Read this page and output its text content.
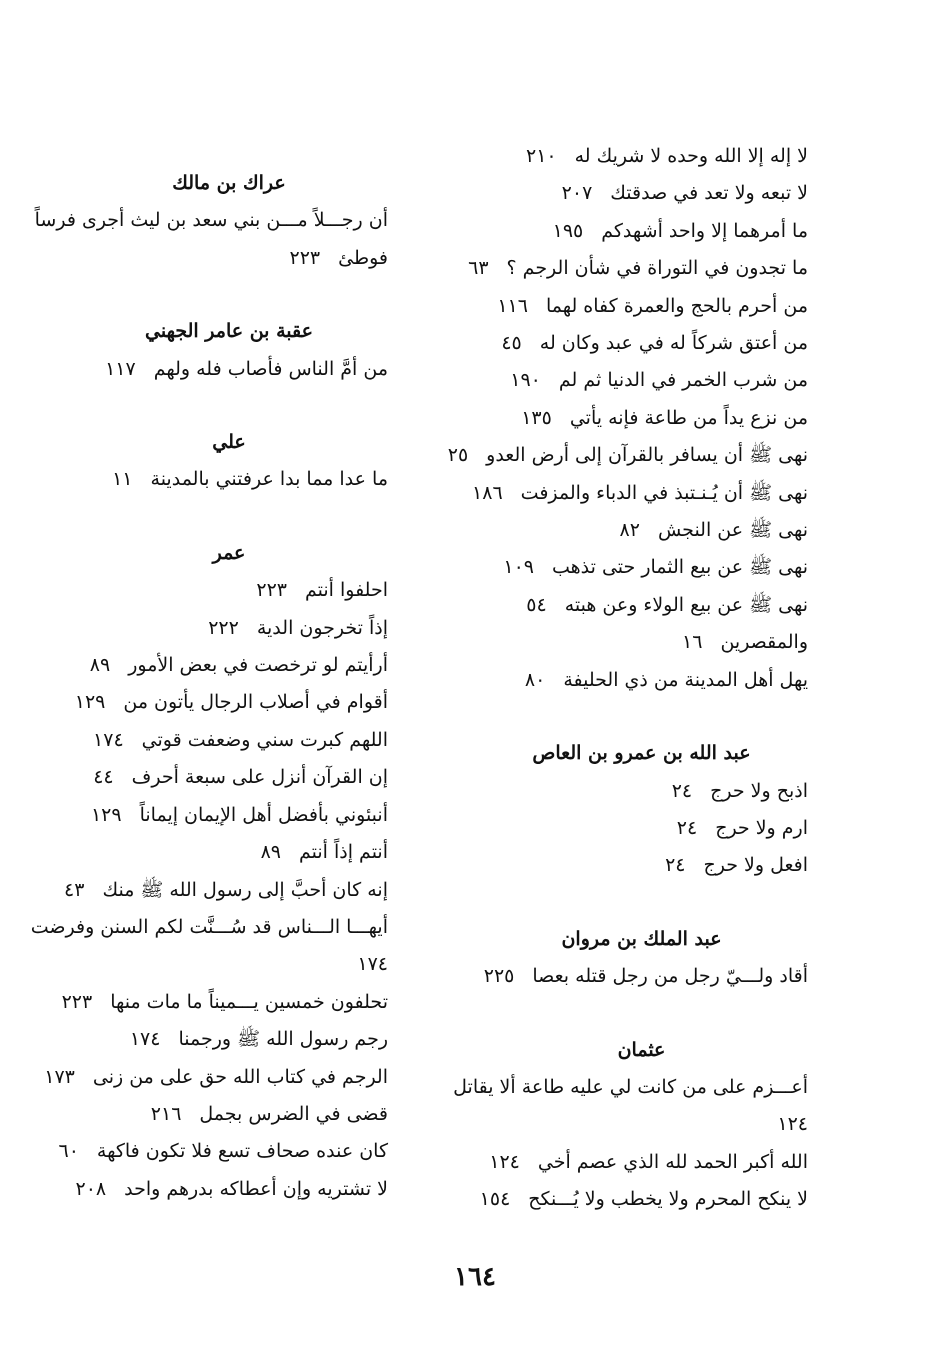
لا إله إلا الله وحده لا شريك له٢١٠
لا تبعه ولا تعد في صدقتك٢٠٧
ما أمرهما إلا واحد أشهدكم١٩٥
ما تجدون في التوراة في شأن الرجم ؟٦٣
من أحرم بالحج والعمرة كفاه لهما١١٦
من أعتق شركاً له في عبد وكان له٤٥
من شرب الخمر في الدنيا ثم لم١٩٠
من نزع يداً من طاعة فإنه يأتي١٣٥
نهى ﷺ أن يسافر بالقرآن إلى أرض العدو٢٥
نهى ﷺ أن يُـنـتبذ في الدباء والمزفت١٨٦
نهى ﷺ عن النجش٨٢
نهى ﷺ عن بيع الثمار حتى تذهب١٠٩
نهى ﷺ عن بيع الولاء وعن هبته٥٤
والمقصرين١٦
يهل أهل المدينة من ذي الحليفة٨٠
عبد الله بن عمرو بن العاص
اذبح ولا حرج٢٤
ارم ولا حرج٢٤
افعل ولا حرج٢٤
عبد الملك بن مروان
أقاد ولـــيّ رجل من رجل قتله بعصا٢٢٥
عثمان
أعـــزم على من كانت لي عليه طاعة ألا يقاتل
١٢٤
الله أكبر الحمد لله الذي عصم أخي١٢٤
لا ينكح المحرم ولا يخطب ولا يُـــنكح١٥٤
عراك بن مالك
أن رجـــلاً مـــن بني سعد بن ليث أجرى فرساً
فوطئ٢٢٣
عقبة بن عامر الجهني
من أمَّ الناس فأصاب فله ولهم١١٧
علي
ما عدا مما بدا عرفتني بالمدينة١١
عمر
احلفوا أنتم٢٢٣
إذاً تخرجون الدية٢٢٢
أرأيتم لو ترخصت في بعض الأمور٨٩
أقوام في أصلاب الرجال يأتون من١٢٩
اللهم كبرت سني وضعفت قوتي١٧٤
إن القرآن أنزل على سبعة أحرف٤٤
أنبئوني بأفضل أهل الإيمان إيماناً١٢٩
أنتم إذاً أنتم٨٩
إنه كان أحبَّ إلى رسول الله ﷺ منك٤٣
أيهـــا الـــناس قد سُـــنَّت لكم السنن وفرضت
١٧٤
تحلفون خمسين يـــميناً ما مات منها٢٢٣
رجم رسول الله ﷺ ورجمنا١٧٤
الرجم في كتاب الله حق على من زنى١٧٣
قضى في الضرس بجمل٢١٦
كان عنده صحاف تسع فلا تكون فاكهة٦٠
لا تشتريه وإن أعطاكه بدرهم واحد٢٠٨
١٦٤
